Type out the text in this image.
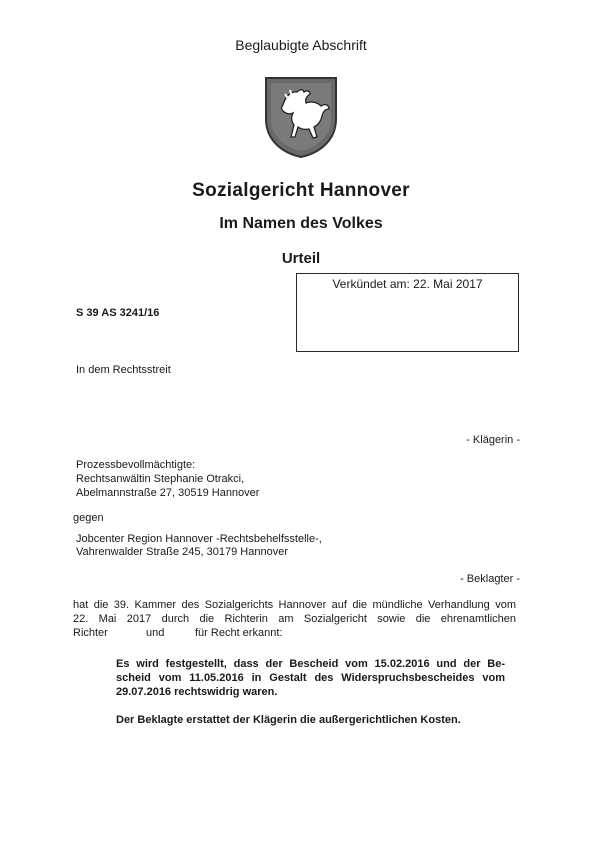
Beglaubigte Abschrift
Sozialgericht Hannover
Im Namen des Volkes
Urteil
Verkündet am: 22. Mai 2017
S 39 AS 3241/16
In dem Rechtsstreit
- Klägerin -
Prozessbevollmächtigte:
Rechtsanwältin Stephanie Otrakci,
Abelmannstraße 27, 30519 Hannover
gegen
Jobcenter Region Hannover -Rechtsbehelfsstelle-,
Vahrenwalder Straße 245, 30179 Hannover
- Beklagter -
hat die 39. Kammer des Sozialgerichts Hannover auf die mündliche Verhandlung vom
22. Mai 2017 durch die Richterin am Sozialgericht sowie die ehrenamtlichen
Richter	und	für Recht erkannt:
Es wird festgestellt, dass der Bescheid vom 15.02.2016 und der Be-
scheid vom 11.05.2016 in Gestalt des Widerspruchsbescheides vom
29.07.2016 rechtswidrig waren.
Der Beklagte erstattet der Klägerin die außergerichtlichen Kosten.
